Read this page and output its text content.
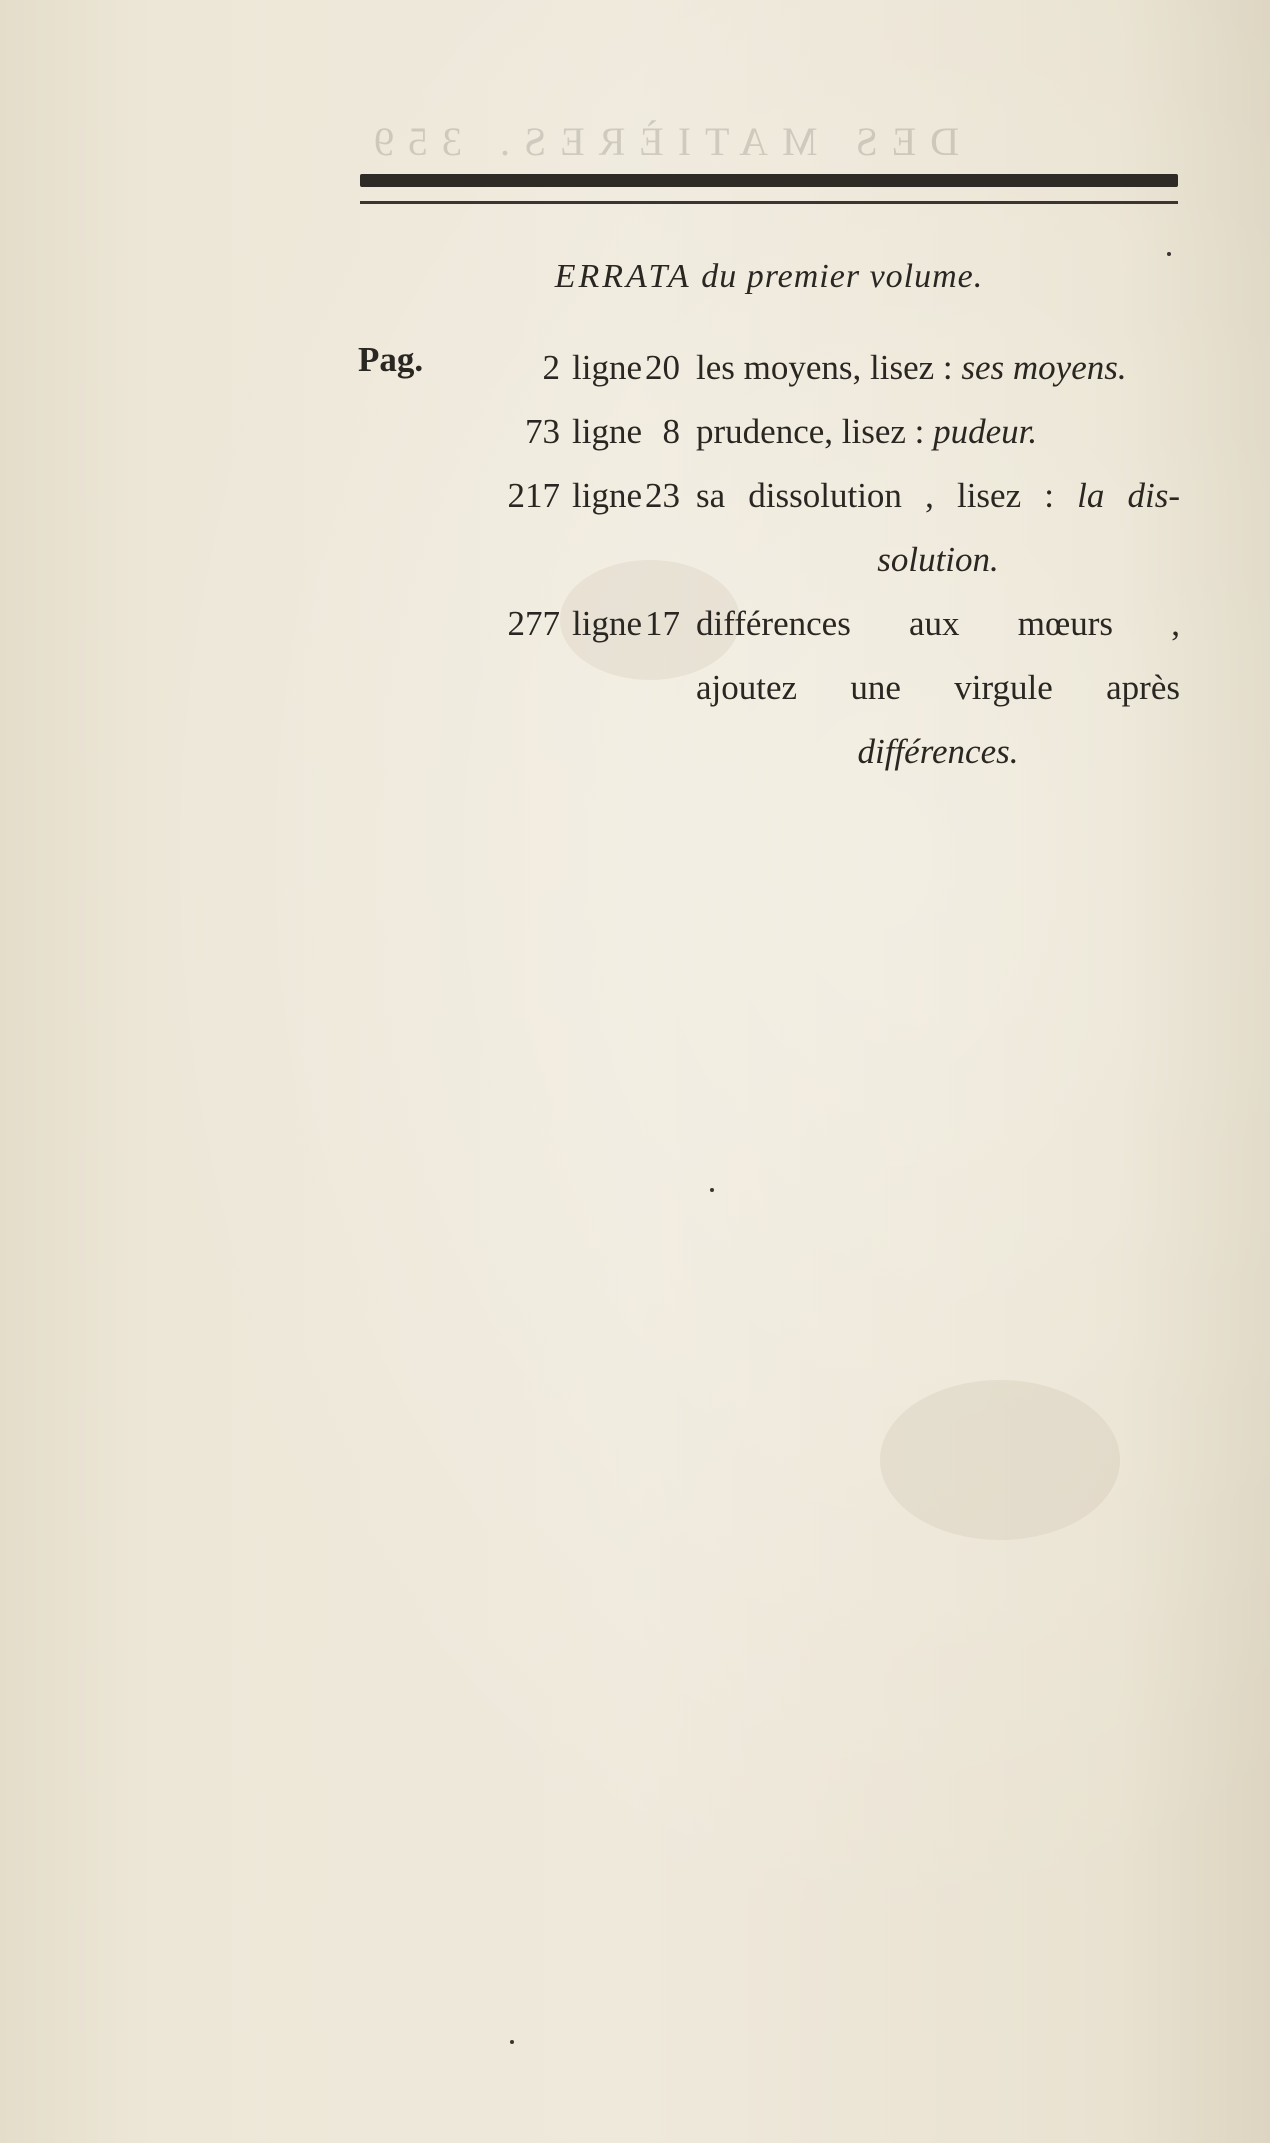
DES MATIÈRES. 359
ERRATA du premier volume.
Pag.	2 ligne 20 les moyens, lisez : ses moyens.
73 ligne 8 prudence, lisez : pudeur.
217 ligne 23 sa dissolution , lisez : la dis-
solution.
277 ligne 17 différences aux mœurs ,
ajoutez une virgule après
différences.
